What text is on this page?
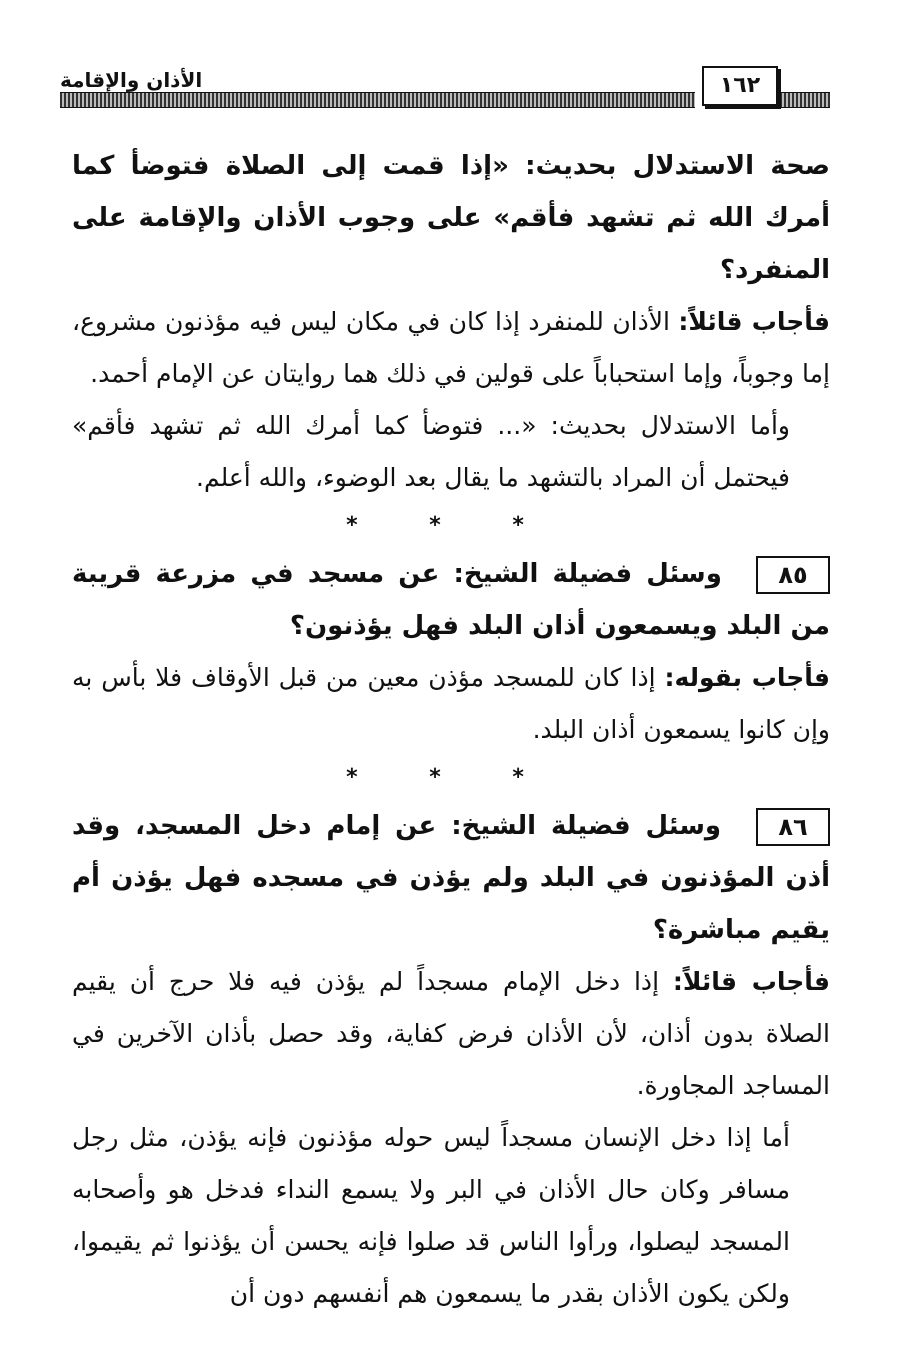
الأذان والإقامة	١٦٢

صحة الاستدلال بحديث: «إذا قمت إلى الصلاة فتوضأ كما أمرك الله ثم تشهد فأقم» على وجوب الأذان والإقامة على المنفرد؟

فأجاب قائلاً: الأذان للمنفرد إذا كان في مكان ليس فيه مؤذنون مشروع، إما وجوباً، وإما استحباباً على قولين في ذلك هما روايتان عن الإمام أحمد.

وأما الاستدلال بحديث: «... فتوضأ كما أمرك الله ثم تشهد فأقم» فيحتمل أن المراد بالتشهد ما يقال بعد الوضوء، والله أعلم.

* * *

٨٥ وسئل فضيلة الشيخ: عن مسجد في مزرعة قريبة من البلد ويسمعون أذان البلد فهل يؤذنون؟

فأجاب بقوله: إذا كان للمسجد مؤذن معين من قبل الأوقاف فلا بأس به وإن كانوا يسمعون أذان البلد.

* * *

٨٦ وسئل فضيلة الشيخ: عن إمام دخل المسجد، وقد أذن المؤذنون في البلد ولم يؤذن في مسجده فهل يؤذن أم يقيم مباشرة؟

فأجاب قائلاً: إذا دخل الإمام مسجداً لم يؤذن فيه فلا حرج أن يقيم الصلاة بدون أذان، لأن الأذان فرض كفاية، وقد حصل بأذان الآخرين في المساجد المجاورة.

أما إذا دخل الإنسان مسجداً ليس حوله مؤذنون فإنه يؤذن، مثل رجل مسافر وكان حال الأذان في البر ولا يسمع النداء فدخل هو وأصحابه المسجد ليصلوا، ورأوا الناس قد صلوا فإنه يحسن أن يؤذنوا ثم يقيموا، ولكن يكون الأذان بقدر ما يسمعون هم أنفسهم دون أن
